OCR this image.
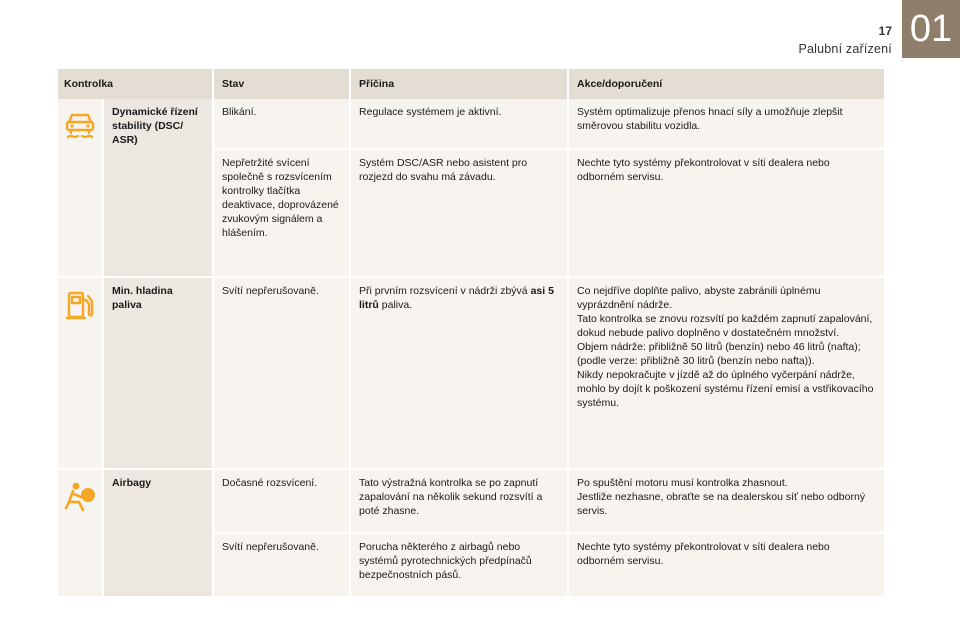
17
Palubní zařízení 01
Kontrolka		Stav	Příčina	Akce/doporučení

	Dynamické řízení stability (DSC/ ASR)	Blikání.	Regulace systémem je aktivní.	Systém optimalizuje přenos hnací síly a umožňuje zlepšit směrovou stabilitu vozidla.
		Nepřetržité svícení společně s rozsvícením kontrolky tlačítka deaktivace, doprovázené zvukovým signálem a hlášením.	Systém DSC/ASR nebo asistent pro rozjezd do svahu má závadu.	Nechte tyto systémy překontrolovat v síti dealera nebo odborném servisu.

	Min. hladina paliva	Svítí nepřerušovaně.	Při prvním rozsvícení v nádrži zbývá asi 5 litrů paliva.	Co nejdříve doplňte palivo, abyste zabránili úplnému vyprázdnění nádrže.
Tato kontrolka se znovu rozsvítí po každém zapnutí zapalování, dokud nebude palivo doplněno v dostatečném množství.
Objem nádrže: přibližně 50 litrů (benzín) nebo 46 litrů (nafta); (podle verze: přibližně 30 litrů (benzín nebo nafta)).
Nikdy nepokračujte v jízdě až do úplného vyčerpání nádrže, mohlo by dojít k poškození systému řízení emisí a vstřikovacího systému.

	Airbagy	Dočasné rozsvícení.	Tato výstražná kontrolka se po zapnutí zapalování na několik sekund rozsvítí a poté zhasne.	Po spuštění motoru musí kontrolka zhasnout.
Jestliže nezhasne, obraťte se na dealerskou síť nebo odborný servis.

		Svítí nepřerušovaně.	Porucha některého z airbagů nebo systémů pyrotechnických předpínačů bezpečnostních pásů.	Nechte tyto systémy překontrolovat v síti dealera nebo odborném servisu.
